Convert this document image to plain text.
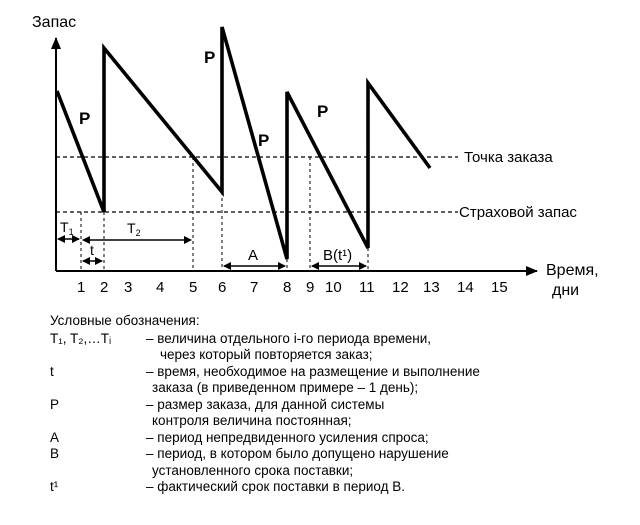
Запас
Время,
дни
Точка заказа
Страховой запас
P
P
P
P
$T_1$	$T_2$
t	A	B(t¹)
1 2 3 4 5 6 7 8 9 10 11 12 13 14 15
Условные обозначения:
T₁, T₂,…Tᵢ	– величина отдельного i-го периода времени,
через который повторяется заказ;
t	– время, необходимое на размещение и выполнение
заказа (в приведенном примере – 1 день);
P	– размер заказа, для данной системы
контроля величина постоянная;
A	– период непредвиденного усиления спроса;
B	– период, в котором было допущено нарушение
установленного срока поставки;
t¹	– фактический срок поставки в период В.
